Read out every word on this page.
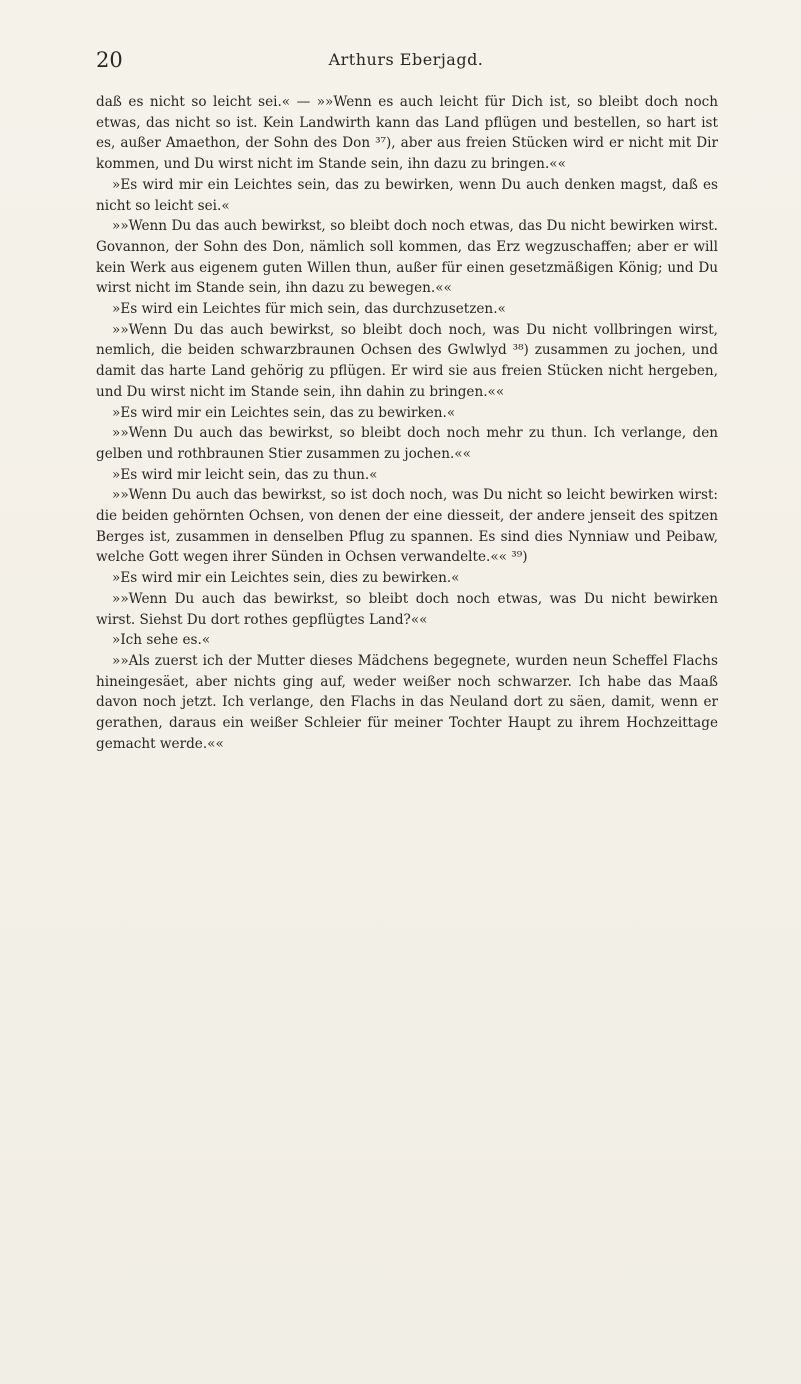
20	Arthurs Eberjagd.

daß es nicht so leicht sei.« — »»Wenn es auch leicht für Dich ist, so bleibt doch noch etwas, das nicht so ist. Kein Landwirth kann das Land pflügen und bestellen, so hart ist es, außer Amaethon, der Sohn des Don ³⁷), aber aus freien Stücken wird er nicht mit Dir kommen, und Du wirst nicht im Stande sein, ihn dazu zu bringen.««

»Es wird mir ein Leichtes sein, das zu bewirken, wenn Du auch denken magst, daß es nicht so leicht sei.«

»»Wenn Du das auch bewirkst, so bleibt doch noch etwas, das Du nicht bewirken wirst. Govannon, der Sohn des Don, nämlich soll kommen, das Erz wegzuschaffen; aber er will kein Werk aus eigenem guten Willen thun, außer für einen gesetzmäßigen König; und Du wirst nicht im Stande sein, ihn dazu zu bewegen.««

»Es wird ein Leichtes für mich sein, das durchzusetzen.«

»»Wenn Du das auch bewirkst, so bleibt doch noch, was Du nicht vollbringen wirst, nemlich, die beiden schwarzbraunen Ochsen des Gwlwlyd ³⁸) zusammen zu jochen, und damit das harte Land gehörig zu pflügen. Er wird sie aus freien Stücken nicht hergeben, und Du wirst nicht im Stande sein, ihn dahin zu bringen.««

»Es wird mir ein Leichtes sein, das zu bewirken.«

»»Wenn Du auch das bewirkst, so bleibt doch noch mehr zu thun. Ich verlange, den gelben und rothbraunen Stier zusammen zu jochen.««

»Es wird mir leicht sein, das zu thun.«

»»Wenn Du auch das bewirkst, so ist doch noch, was Du nicht so leicht bewirken wirst: die beiden gehörnten Ochsen, von denen der eine diesseit, der andere jenseit des spitzen Berges ist, zusammen in denselben Pflug zu spannen. Es sind dies Nynniaw und Peibaw, welche Gott wegen ihrer Sünden in Ochsen verwandelte.«« ³⁹)

»Es wird mir ein Leichtes sein, dies zu bewirken.«

»»Wenn Du auch das bewirkst, so bleibt doch noch etwas, was Du nicht bewirken wirst. Siehst Du dort rothes gepflügtes Land?««

»Ich sehe es.«

»»Als zuerst ich der Mutter dieses Mädchens begegnete, wurden neun Scheffel Flachs hineingesäet, aber nichts ging auf, weder weißer noch schwarzer. Ich habe das Maaß davon noch jetzt. Ich verlange, den Flachs in das Neuland dort zu säen, damit, wenn er gerathen, daraus ein weißer Schleier für meiner Tochter Haupt zu ihrem Hochzeittage gemacht werde.««
